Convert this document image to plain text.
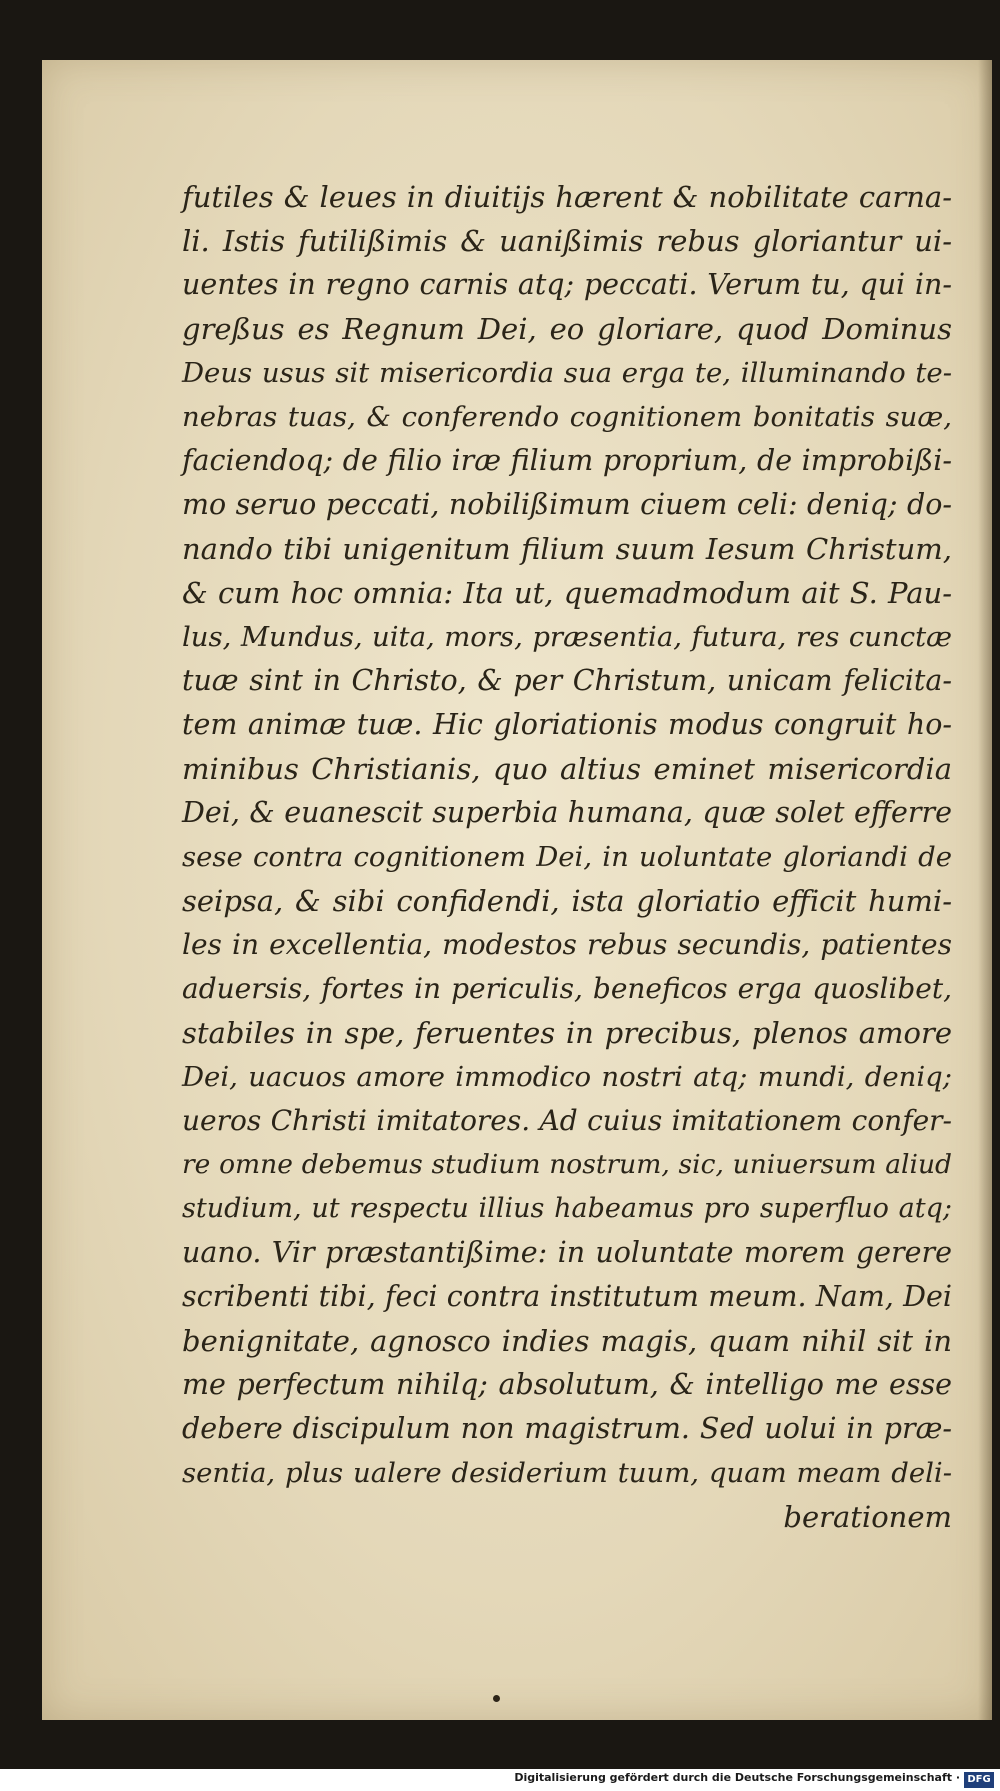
futiles & leues in diuitijs hærent & nobilitate carna-
li. Istis futilißimis & uanißimis rebus gloriantur ui-
uentes in regno carnis atq; peccati. Verum tu, qui in-
greßus es Regnum Dei, eo gloriare, quod Dominus
Deus usus sit misericordia sua erga te, illuminando te-
nebras tuas, & conferendo cognitionem bonitatis suæ,
faciendoq; de filio iræ filium proprium, de improbißi-
mo seruo peccati, nobilißimum ciuem celi: deniq; do-
nando tibi unigenitum filium suum Iesum Christum,
& cum hoc omnia: Ita ut, quemadmodum ait S. Pau-
lus, Mundus, uita, mors, præsentia, futura, res cunctæ
tuæ sint in Christo, & per Christum, unicam felicita-
tem animæ tuæ. Hic gloriationis modus congruit ho-
minibus Christianis, quo altius eminet misericordia
Dei, & euanescit superbia humana, quæ solet efferre
sese contra cognitionem Dei, in uoluntate gloriandi de
seipsa, & sibi confidendi, ista gloriatio efficit humi-
les in excellentia, modestos rebus secundis, patientes
aduersis, fortes in periculis, beneficos erga quoslibet,
stabiles in spe, feruentes in precibus, plenos amore
Dei, uacuos amore immodico nostri atq; mundi, deniq;
ueros Christi imitatores. Ad cuius imitationem confer-
re omne debemus studium nostrum, sic, uniuersum aliud
studium, ut respectu illius habeamus pro superfluo atq;
uano. Vir præstantißime: in uoluntate morem gerere
scribenti tibi, feci contra institutum meum. Nam, Dei
benignitate, agnosco indies magis, quam nihil sit in
me perfectum nihilq; absolutum, & intelligo me esse
debere discipulum non magistrum. Sed uolui in præ-
sentia, plus ualere desiderium tuum, quam meam deli-
berationem
Digitalisierung gefördert durch die Deutsche Forschungsgemeinschaft · DFG
